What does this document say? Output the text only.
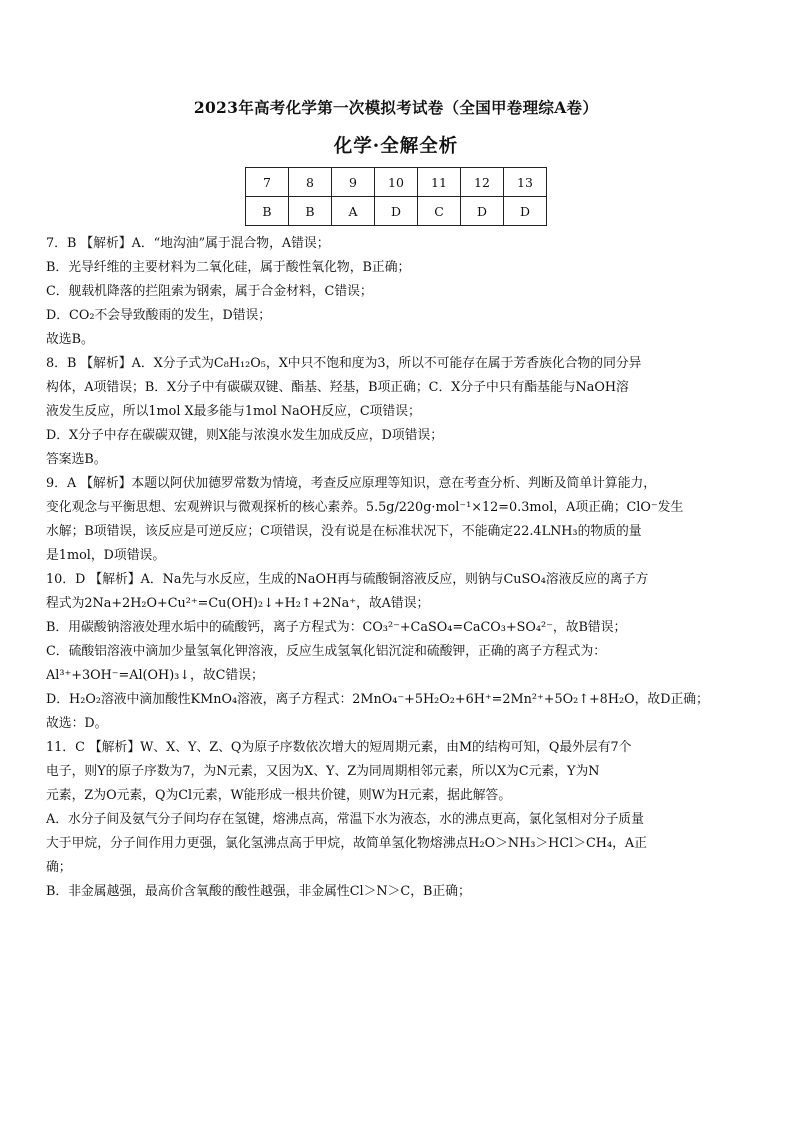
2023年高考化学第一次模拟考试卷（全国甲卷理综A卷）
化学·全解全析
7	8	9	10	11	12	13
B	B	A	D	C	D	D

7．B 【解析】A．“地沟油”属于混合物，A错误；

B．光导纤维的主要材料为二氧化硅，属于酸性氧化物，B正确；

C．舰载机降落的拦阻索为钢索，属于合金材料，C错误；

D．CO₂不会导致酸雨的发生，D错误；

故选B。

8．B 【解析】A．X分子式为C₈H₁₂O₅，X中只不饱和度为3，所以不可能存在属于芳香族化合物的同分异

构体，A项错误；B．X分子中有碳碳双键、酯基、羟基，B项正确；C．X分子中只有酯基能与NaOH溶

液发生反应，所以1mol X最多能与1mol NaOH反应，C项错误；

D．X分子中存在碳碳双键，则X能与浓溴水发生加成反应，D项错误；

答案选B。

9．A 【解析】本题以阿伏加德罗常数为情境，考查反应原理等知识，意在考查分析、判断及简单计算能力，

变化观念与平衡思想、宏观辨识与微观探析的核心素养。5.5g/220g·mol⁻¹×12=0.3mol，A项正确；ClO⁻发生

水解；B项错误，该反应是可逆反应；C项错误，没有说是在标准状况下，不能确定22.4LNH₃的物质的量

是1mol，D项错误。

10．D 【解析】A．Na先与水反应，生成的NaOH再与硫酸铜溶液反应，则钠与CuSO₄溶液反应的离子方

程式为2Na+2H₂O+Cu²⁺=Cu(OH)₂↓+H₂↑+2Na⁺，故A错误；

B．用碳酸钠溶液处理水垢中的硫酸钙，离子方程式为：CO₃²⁻+CaSO₄=CaCO₃+SO₄²⁻，故B错误；

C．硫酸铝溶液中滴加少量氢氧化钾溶液，反应生成氢氧化铝沉淀和硫酸钾，正确的离子方程式为：

Al³⁺+3OH⁻=Al(OH)₃↓，故C错误；

D．H₂O₂溶液中滴加酸性KMnO₄溶液，离子方程式：2MnO₄⁻+5H₂O₂+6H⁺=2Mn²⁺+5O₂↑+8H₂O，故D正确；

故选：D。

11．C 【解析】W、X、Y、Z、Q为原子序数依次增大的短周期元素，由M的结构可知，Q最外层有7个

电子，则Y的原子序数为7，为N元素，又因为X、Y、Z为同周期相邻元素，所以X为C元素，Y为N

元素，Z为O元素，Q为Cl元素，W能形成一根共价键，则W为H元素，据此解答。

A．水分子间及氨气分子间均存在氢键，熔沸点高，常温下水为液态，水的沸点更高，氯化氢相对分子质量

大于甲烷，分子间作用力更强，氯化氢沸点高于甲烷，故简单氢化物熔沸点H₂O＞NH₃＞HCl＞CH₄，A正

确；

B．非金属越强，最高价含氧酸的酸性越强，非金属性Cl＞N＞C，B正确；
